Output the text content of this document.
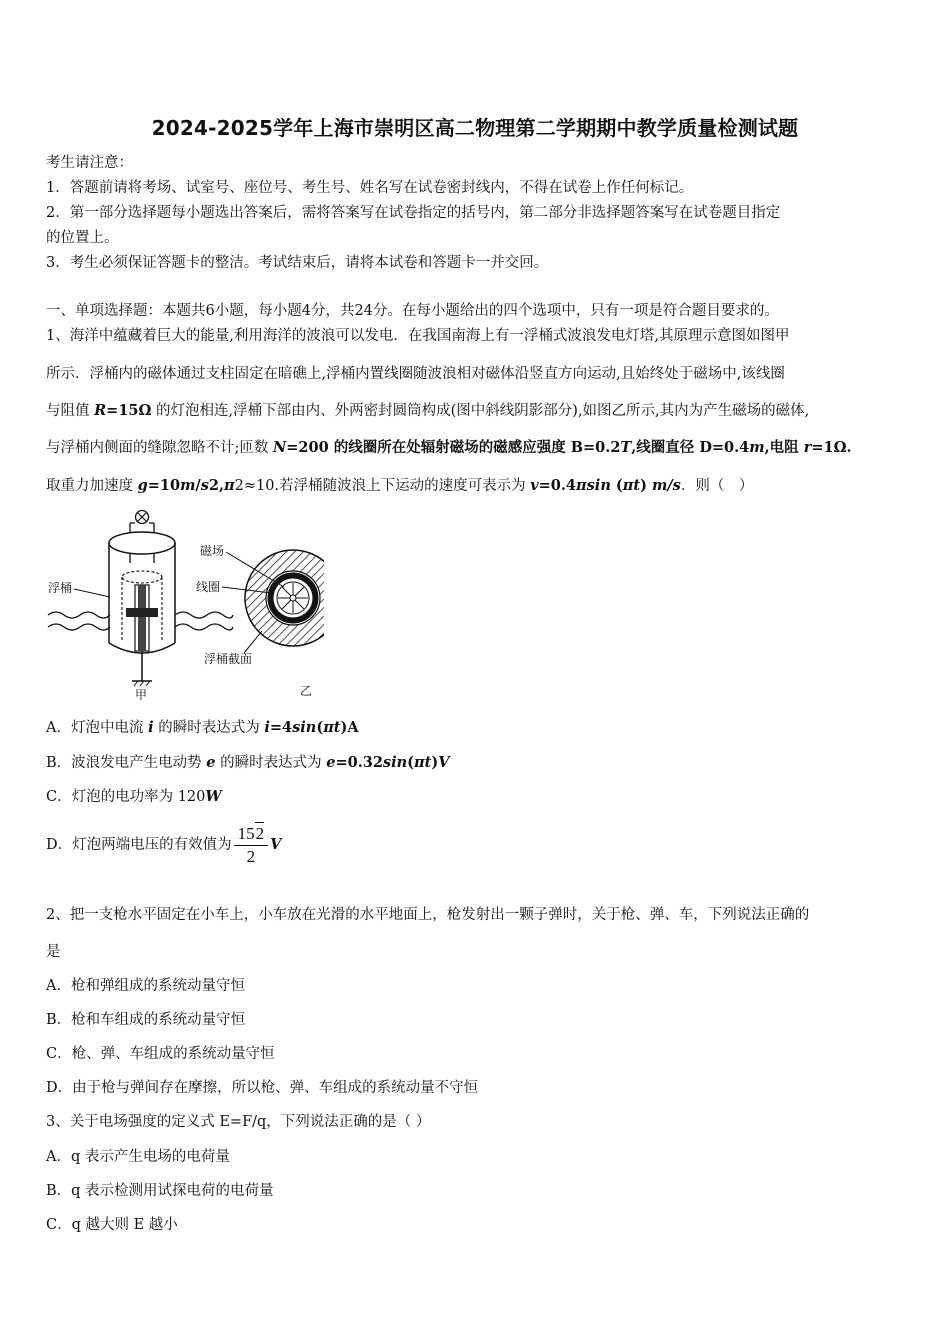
2024-2025学年上海市崇明区高二物理第二学期期中教学质量检测试题
考生请注意：
1．答题前请将考场、试室号、座位号、考生号、姓名写在试卷密封线内，不得在试卷上作任何标记。
2．第一部分选择题每小题选出答案后，需将答案写在试卷指定的括号内，第二部分非选择题答案写在试卷题目指定
的位置上。
3．考生必须保证答题卡的整洁。考试结束后，请将本试卷和答题卡一并交回。
一、单项选择题：本题共6小题，每小题4分，共24分。在每小题给出的四个选项中，只有一项是符合题目要求的。
1、海洋中蕴藏着巨大的能量,利用海洋的波浪可以发电．在我国南海上有一浮桶式波浪发电灯塔,其原理示意图如图甲
所示．浮桶内的磁体通过支柱固定在暗礁上,浮桶内置线圈随波浪相对磁体沿竖直方向运动,且始终处于磁场中,该线圈
与阻值 R=15Ω 的灯泡相连,浮桶下部由内、外两密封圆筒构成(图中斜线阴影部分),如图乙所示,其内为产生磁场的磁体,
与浮桶内侧面的缝隙忽略不计;匝数 N=200 的线圈所在处辐射磁场的磁感应强度 B=0.2T,线圈直径 D=0.4m,电阻 r=1Ω.
取重力加速度 g=10m/s2,π2≈10.若浮桶随波浪上下运动的速度可表示为 v=0.4πsin (πt) m/s．则（　）
浮桶
甲
磁场
线圈
浮桶截面
乙
A．灯泡中电流 i 的瞬时表达式为 i=4sin(πt)A
B．波浪发电产生电动势 e 的瞬时表达式为 e=0.32sin(πt)V
C．灯泡的电功率为 120W
D．灯泡两端电压的有效值为 $\frac{152}{2}$ V
2、把一支枪水平固定在小车上，小车放在光滑的水平地面上，枪发射出一颗子弹时，关于枪、弹、车，下列说法正确的
是
A．枪和弹组成的系统动量守恒
B．枪和车组成的系统动量守恒
C．枪、弹、车组成的系统动量守恒
D．由于枪与弹间存在摩擦，所以枪、弹、车组成的系统动量不守恒
3、关于电场强度的定义式 E=F/q，下列说法正确的是（ ）
A．q 表示产生电场的电荷量
B．q 表示检测用试探电荷的电荷量
C．q 越大则 E 越小
